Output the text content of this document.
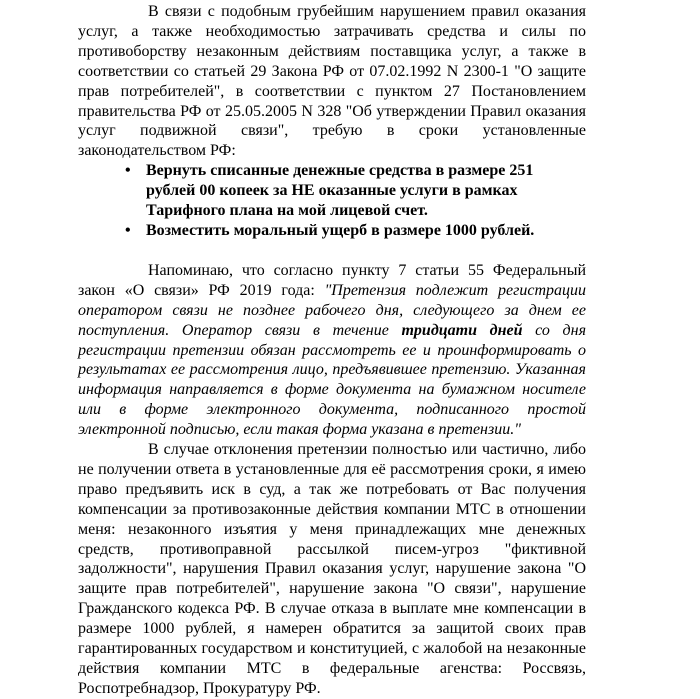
В связи с подобным грубейшим нарушением правил оказания услуг, а также необходимостью затрачивать средства и силы по противоборству незаконным действиям поставщика услуг, а также в соответствии со статьей 29 Закона РФ от 07.02.1992 N 2300-1 "О защите прав потребителей", в соответствии с пунктом 27 Постановлением правительства РФ от 25.05.2005 N 328 "Об утверждении Правил оказания услуг подвижной связи", требую в сроки установленные законодательством РФ:

• Вернуть списанные денежные средства в размере 251 рублей 00 копеек за НЕ оказанные услуги в рамках Тарифного плана на мой лицевой счет.
• Возместить моральный ущерб в размере 1000 рублей.

Напоминаю, что согласно пункту 7 статьи 55 Федеральный закон «О связи» РФ 2019 года: "Претензия подлежит регистрации оператором связи не позднее рабочего дня, следующего за днем ее поступления. Оператор связи в течение тридцати дней со дня регистрации претензии обязан рассмотреть ее и проинформировать о результатах ее рассмотрения лицо, предъявившее претензию. Указанная информация направляется в форме документа на бумажном носителе или в форме электронного документа, подписанного простой электронной подписью, если такая форма указана в претензии."

В случае отклонения претензии полностью или частично, либо не получении ответа в установленные для её рассмотрения сроки, я имею право предъявить иск в суд, а так же потребовать от Вас получения компенсации за противозаконные действия компании МТС в отношении меня: незаконного изъятия у меня принадлежащих мне денежных средств, противоправной рассылкой писем-угроз "фиктивной задолжности", нарушения Правил оказания услуг, нарушение закона "О защите прав потребителей", нарушение закона "О связи", нарушение Гражданского кодекса РФ. В случае отказа в выплате мне компенсации в размере 1000 рублей, я намерен обратится за защитой своих прав гарантированных государством и конституцией, с жалобой на незаконные действия компании МТС в федеральные агенства: Россвязь, Роспотребнадзор, Прокуратуру РФ.
